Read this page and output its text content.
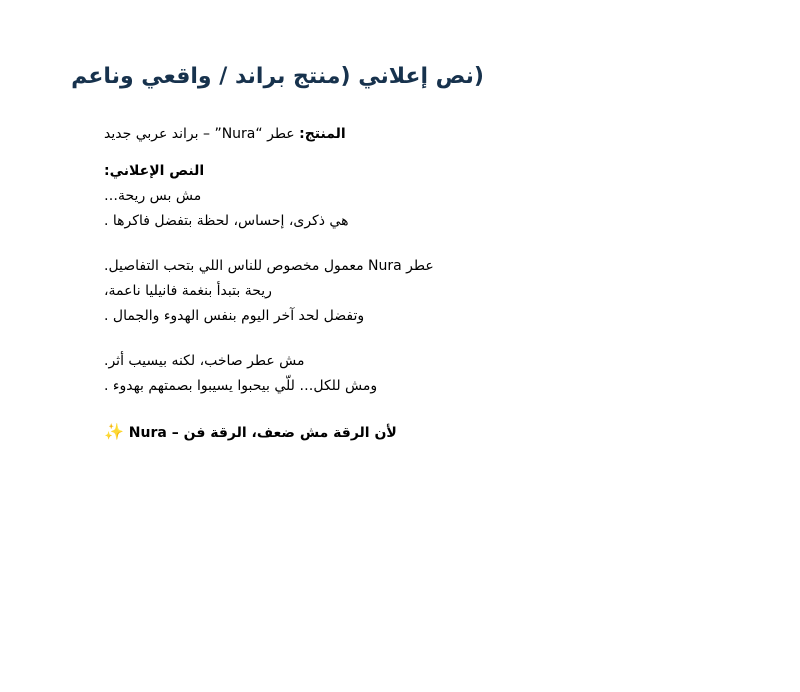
(نص إعلاني (منتج براند / واقعي وناعم
المنتج: عطر “Nura” – براند عربي جديد
النص الإعلاني:
مش بس ريحة…
هي ذكرى، إحساس، لحظة بتفضل فاكرها .
عطر Nura معمول مخصوص للناس اللي بتحب التفاصيل.
ريحة بتبدأ بنغمة فانيليا ناعمة،
وتفضل لحد آخر اليوم بنفس الهدوء والجمال .
مش عطر صاخب، لكنه بيسيب أثر.
ومش للكل… للّي بيحبوا يسيبوا بصمتهم بهدوء .
لأن الرقة مش ضعف، الرقة فن – Nura ✨
